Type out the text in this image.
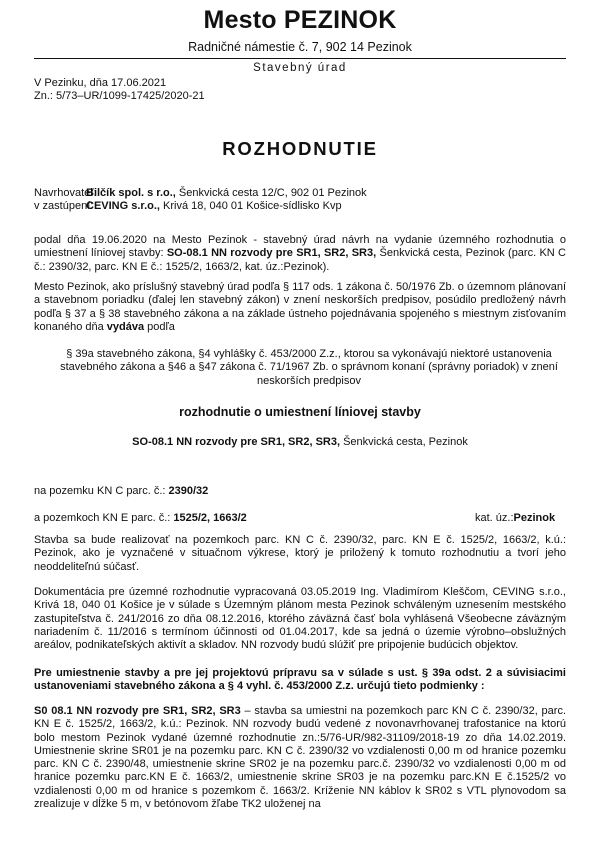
Mesto PEZINOK
Radničné námestie č. 7, 902 14 Pezinok
Stavebný úrad
V Pezinku, dňa 17.06.2021
Zn.: 5/73–UR/1099-17425/2020-21
ROZHODNUTIE
Navrhovateľ:Bilčík spol. s r.o., Šenkvická cesta 12/C, 902 01 Pezinok
v zastúpení:CEVING s.r.o., Krivá 18, 040 01 Košice-sídlisko Kvp
podal dňa 19.06.2020 na Mesto Pezinok - stavebný úrad návrh na vydanie územného rozhodnutia o umiestnení líniovej stavby: SO-08.1 NN rozvody pre SR1, SR2, SR3, Šenkvická cesta, Pezinok (parc. KN C č.: 2390/32, parc. KN E č.: 1525/2, 1663/2, kat. úz.:Pezinok).
Mesto Pezinok, ako príslušný stavebný úrad podľa § 117 ods. 1 zákona č. 50/1976 Zb. o územnom plánovaní a stavebnom poriadku (ďalej len stavebný zákon) v znení neskorších predpisov, posúdilo predložený návrh podľa § 37 a § 38 stavebného zákona a na základe ústneho pojednávania spojeného s miestnym zisťovaním konaného dňa vydáva podľa
§ 39a stavebného zákona, §4 vyhlášky č. 453/2000 Z.z., ktorou sa vykonávajú niektoré ustanovenia stavebného zákona a §46 a §47 zákona č. 71/1967 Zb. o správnom konaní (správny poriadok) v znení neskorších predpisov
rozhodnutie o umiestnení líniovej stavby
SO-08.1 NN rozvody pre SR1, SR2, SR3, Šenkvická cesta, Pezinok
na pozemku KN C parc. č.: 2390/32
a pozemkoch KN E parc. č.: 1525/2, 1663/2	kat. úz.:Pezinok
Stavba sa bude realizovať na pozemkoch parc. KN C č. 2390/32, parc. KN E č. 1525/2, 1663/2, k.ú.: Pezinok, ako je vyznačené v situačnom výkrese, ktorý je priložený k tomuto rozhodnutiu a tvorí jeho neoddeliteľnú súčasť.
Dokumentácia pre územné rozhodnutie vypracovaná 03.05.2019 Ing. Vladimírom Kleščom, CEVING s.r.o., Krivá 18, 040 01 Košice je v súlade s Územným plánom mesta Pezinok schváleným uznesením mestského zastupiteľstva č. 241/2016 zo dňa 08.12.2016, ktorého záväzná časť bola vyhlásená Všeobecne záväzným nariadením č. 11/2016 s termínom účinnosti od 01.04.2017, kde sa jedná o územie výrobno–obslužných areálov, podnikateľských aktivít a skladov. NN rozvody budú slúžiť pre pripojenie budúcich objektov.
Pre umiestnenie stavby a pre jej projektovú prípravu sa v súlade s ust. § 39a odst. 2 a súvisiacimi ustanoveniami stavebného zákona a § 4 vyhl. č. 453/2000 Z.z. určujú tieto podmienky :
S0 08.1 NN rozvody pre SR1, SR2, SR3 – stavba sa umiestni na pozemkoch parc KN C č. 2390/32, parc. KN E č. 1525/2, 1663/2, k.ú.: Pezinok. NN rozvody budú vedené z novonavrhovanej trafostanice na ktorú bolo mestom Pezinok vydané územné rozhodnutie zn.:5/76-UR/982-31109/2018-19 zo dňa 14.02.2019. Umiestnenie skrine SR01 je na pozemku parc. KN C č. 2390/32 vo vzdialenosti 0,00 m od hranice pozemku parc. KN C č. 2390/48, umiestnenie skrine SR02 je na pozemku parc.č. 2390/32 vo vzdialenosti 0,00 m od hranice pozemku parc.KN E č. 1663/2, umiestnenie skrine SR03 je na pozemku parc.KN E č.1525/2 vo vzdialenosti 0,00 m od hranice s pozemkom č. 1663/2. Kríženie NN káblov k SR02 s VTL plynovodom sa zrealizuje v dĺžke 5 m, v betónovom žľabe TK2 uloženej na
